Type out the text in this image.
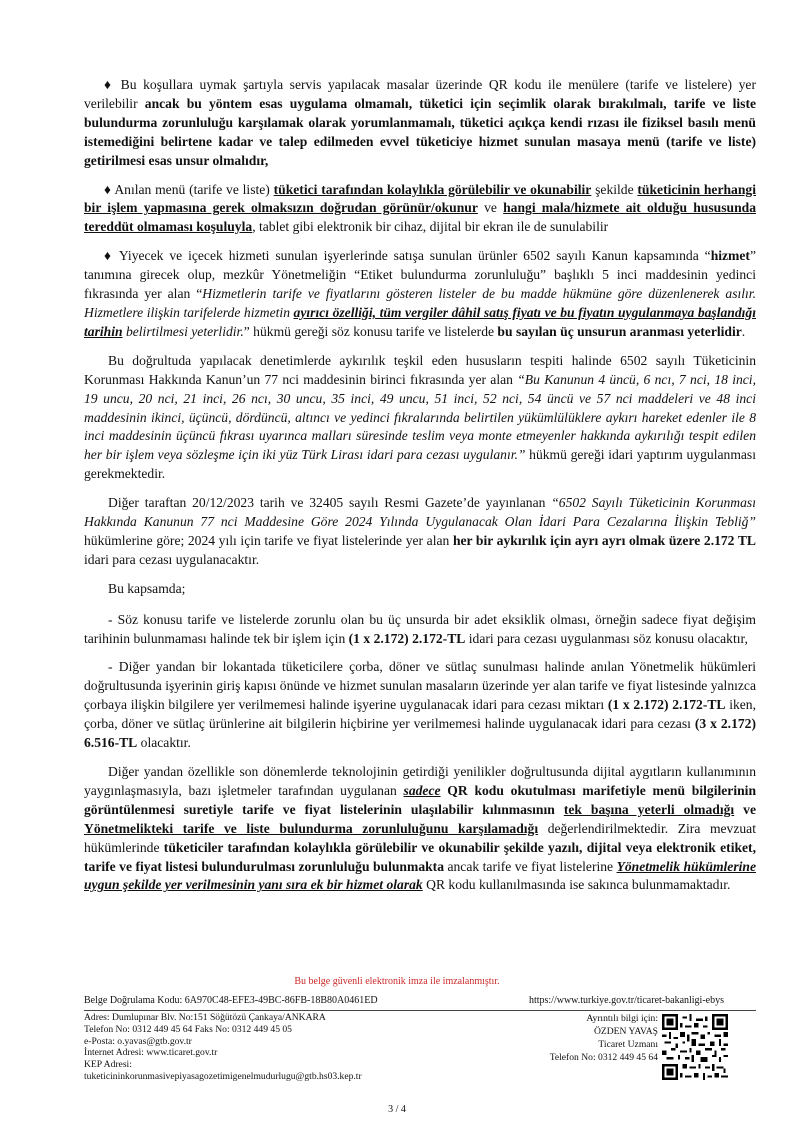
♦ Bu koşullara uymak şartıyla servis yapılacak masalar üzerinde QR kodu ile menülere (tarife ve listelere) yer verilebilir ancak bu yöntem esas uygulama olmamalı, tüketici için seçimlik olarak bırakılmalı, tarife ve liste bulundurma zorunluluğu karşılamak olarak yorumlanmamalı, tüketici açıkça kendi rızası ile fiziksel basılı menü istemediğini belirtene kadar ve talep edilmeden evvel tüketiciye hizmet sunulan masaya menü (tarife ve liste) getirilmesi esas unsur olmalıdır,

♦ Anılan menü (tarife ve liste) tüketici tarafından kolaylıkla görülebilir ve okunabilir şekilde tüketicinin herhangi bir işlem yapmasına gerek olmaksızın doğrudan görünür/okunur ve hangi mala/hizmete ait olduğu hususunda tereddüt olmaması koşuluyla, tablet gibi elektronik bir cihaz, dijital bir ekran ile de sunulabilir

♦ Yiyecek ve içecek hizmeti sunulan işyerlerinde satışa sunulan ürünler 6502 sayılı Kanun kapsamında “hizmet” tanımına girecek olup, mezkûr Yönetmeliğin “Etiket bulundurma zorunluluğu” başlıklı 5 inci maddesinin yedinci fıkrasında yer alan “Hizmetlerin tarife ve fiyatlarını gösteren listeler de bu madde hükmüne göre düzenlenerek asılır. Hizmetlere ilişkin tarifelerde hizmetin ayırıcı özelliği, tüm vergiler dâhil satış fiyatı ve bu fiyatın uygulanmaya başlandığı tarihin belirtilmesi yeterlidir.” hükmü gereği söz konusu tarife ve listelerde bu sayılan üç unsurun aranması yeterlidir.

Bu doğrultuda yapılacak denetimlerde aykırılık teşkil eden hususların tespiti halinde 6502 sayılı Tüketicinin Korunması Hakkında Kanun’un 77 nci maddesinin birinci fıkrasında yer alan “Bu Kanunun 4 üncü, 6 ncı, 7 nci, 18 inci, 19 uncu, 20 nci, 21 inci, 26 ncı, 30 uncu, 35 inci, 49 uncu, 51 inci, 52 nci, 54 üncü ve 57 nci maddeleri ve 48 inci maddesinin ikinci, üçüncü, dördüncü, altıncı ve yedinci fıkralarında belirtilen yükümlülüklere aykırı hareket edenler ile 8 inci maddesinin üçüncü fıkrası uyarınca malları süresinde teslim veya monte etmeyenler hakkında aykırılığı tespit edilen her bir işlem veya sözleşme için iki yüz Türk Lirası idari para cezası uygulanır.” hükmü gereği idari yaptırım uygulanması gerekmektedir.

Diğer taraftan 20/12/2023 tarih ve 32405 sayılı Resmi Gazete’de yayınlanan “6502 Sayılı Tüketicinin Korunması Hakkında Kanunun 77 nci Maddesine Göre 2024 Yılında Uygulanacak Olan İdari Para Cezalarına İlişkin Tebliğ” hükümlerine göre; 2024 yılı için tarife ve fiyat listelerinde yer alan her bir aykırılık için ayrı ayrı olmak üzere 2.172 TL idari para cezası uygulanacaktır.

Bu kapsamda;

- Söz konusu tarife ve listelerde zorunlu olan bu üç unsurda bir adet eksiklik olması, örneğin sadece fiyat değişim tarihinin bulunmaması halinde tek bir işlem için (1 x 2.172) 2.172-TL idari para cezası uygulanması söz konusu olacaktır,

- Diğer yandan bir lokantada tüketicilere çorba, döner ve sütlaç sunulması halinde anılan Yönetmelik hükümleri doğrultusunda işyerinin giriş kapısı önünde ve hizmet sunulan masaların üzerinde yer alan tarife ve fiyat listesinde yalnızca çorbaya ilişkin bilgilere yer verilmemesi halinde işyerine uygulanacak idari para cezası miktarı (1 x 2.172) 2.172-TL iken, çorba, döner ve sütlaç ürünlerine ait bilgilerin hiçbirine yer verilmemesi halinde uygulanacak idari para cezası (3 x 2.172) 6.516-TL olacaktır.

Diğer yandan özellikle son dönemlerde teknolojinin getirdiği yenilikler doğrultusunda dijital aygıtların kullanımının yaygınlaşmasıyla, bazı işletmeler tarafından uygulanan sadece QR kodu okutulması marifetiyle menü bilgilerinin görüntülenmesi suretiyle tarife ve fiyat listelerinin ulaşılabilir kılınmasının tek başına yeterli olmadığı ve Yönetmelikteki tarife ve liste bulundurma zorunluluğunu karşılamadığı değerlendirilmektedir. Zira mevzuat hükümlerinde tüketiciler tarafından kolaylıkla görülebilir ve okunabilir şekilde yazılı, dijital veya elektronik etiket, tarife ve fiyat listesi bulundurulması zorunluluğu bulunmakta ancak tarife ve fiyat listelerine Yönetmelik hükümlerine uygun şekilde yer verilmesinin yanı sıra ek bir hizmet olarak QR kodu kullanılmasında ise sakınca bulunmamaktadır.

Bu belge güvenli elektronik imza ile imzalanmıştır.
Belge Doğrulama Kodu: 6A970C48-EFE3-49BC-86FB-18B80A0461ED	https://www.turkiye.gov.tr/ticaret-bakanligi-ebys
Adres: Dumlupınar Blv. No:151 Söğütözü Çankaya/ANKARA
Telefon No: 0312 449 45 64 Faks No: 0312 449 45 05
e-Posta: o.yavas@gtb.gov.tr
İnternet Adresi: www.ticaret.gov.tr
KEP Adresi:
tuketicininkorunmasivepiyasagozetimigenelmudurlugu@gtb.hs03.kep.tr
Ayrıntılı bilgi için:
ÖZDEN YAVAŞ
Ticaret Uzmanı
Telefon No: 0312 449 45 64
3 / 4
